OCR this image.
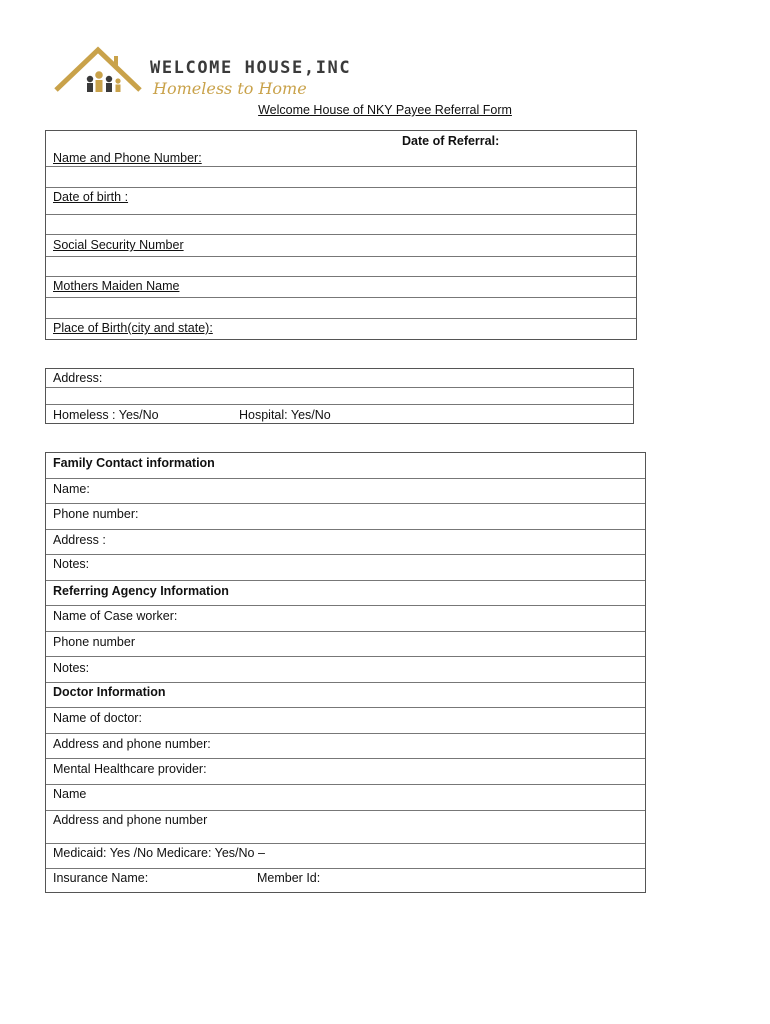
WELCOME HOUSE,INC
Homeless to Home
Welcome House of NKY Payee Referral Form
Date of Referral:
Name and Phone Number:
Date of birth :
Social Security Number
Mothers Maiden Name
Place of Birth(city and state):
Address:
Homeless : Yes/No	Hospital: Yes/No
Family Contact information
Name:
Phone number:
Address :
Notes:
Referring Agency Information
Name of Case worker:
Phone number
Notes:
Doctor Information
Name of doctor:
Address and phone number:
Mental Healthcare provider:
Name
Address and phone number
Medicaid: Yes /No Medicare: Yes/No –
Insurance Name:	Member Id:
